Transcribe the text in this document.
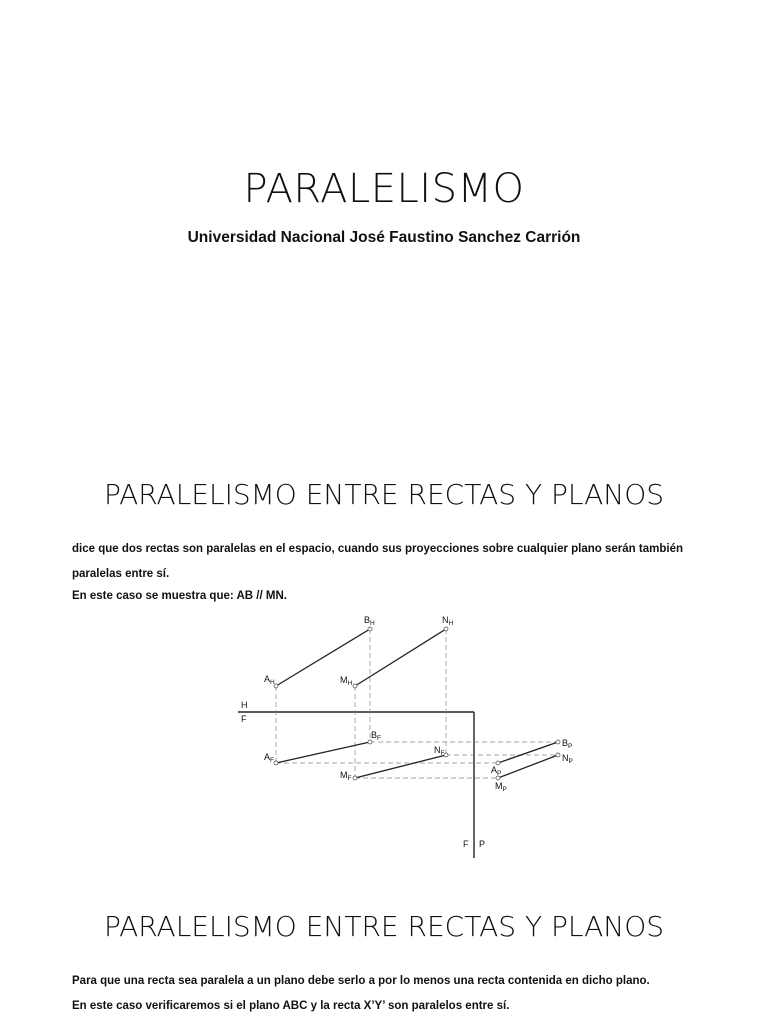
PARALELISMO
Universidad Nacional José Faustino Sanchez Carrión
PARALELISMO ENTRE RECTAS Y PLANOS
dice que dos rectas son paralelas en el espacio, cuando sus proyecciones sobre cualquier plano serán también
paralelas entre sí.
En este caso se muestra que: AB // MN.
$B_H$	$N_H$
$A_H$	$M_H$
H
F
$B_F$
$N_F$
$A_F$
$M_F$
$B_P$
$N_P$
$A_P$
$M_P$
F P
PARALELISMO ENTRE RECTAS Y PLANOS
Para que una recta sea paralela a un plano debe serlo a por lo menos una recta contenida en dicho plano.
En este caso verificaremos si el plano ABC y la recta X’Y’ son paralelos entre sí.
